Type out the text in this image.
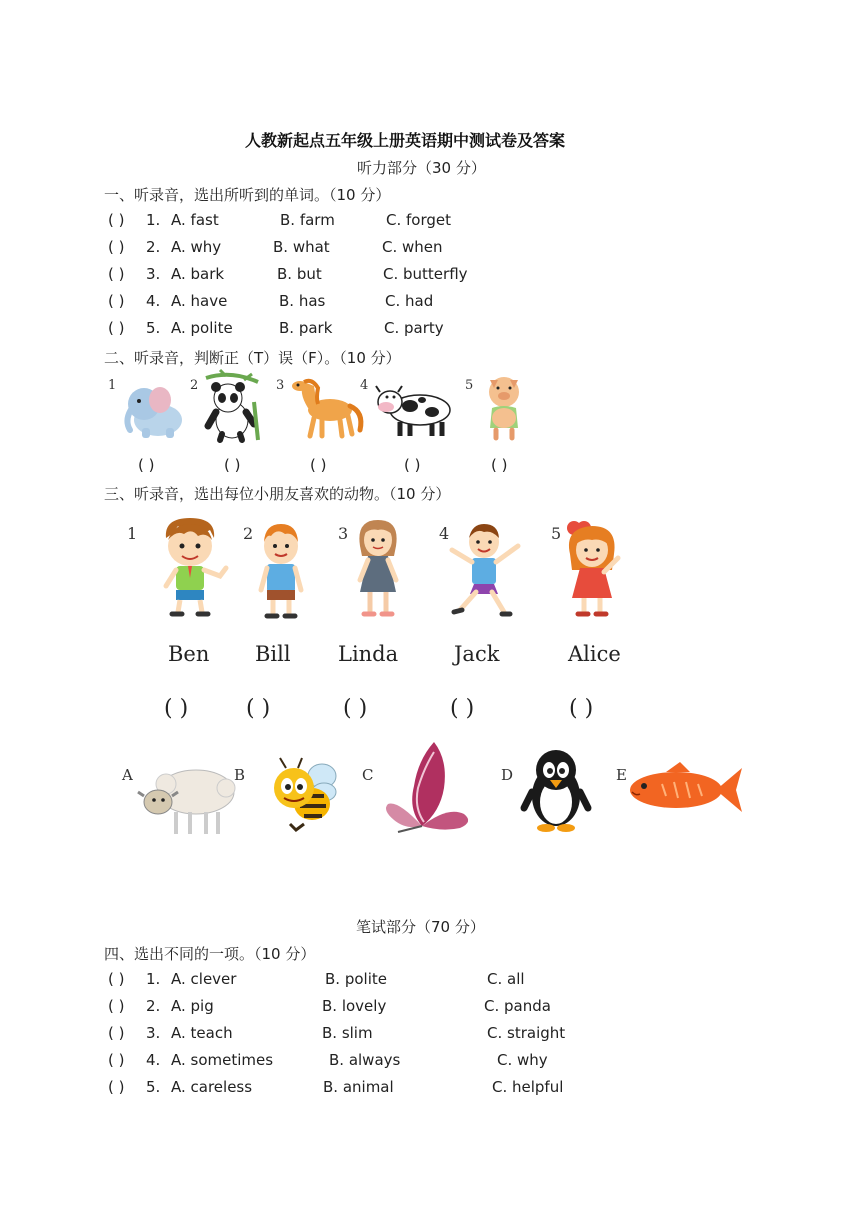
人教新起点五年级上册英语期中测试卷及答案
听力部分（30 分）
一、听录音，选出所听到的单词。（10 分）
( ) 1. A. fast	B. farm	C. forget
( ) 2. A. why	B. what	C. when
( ) 3. A. bark	B. but	C. butterfly
( ) 4. A. have	B. has	C. had
( ) 5. A. polite	B. park	C. party
二、听录音，判断正（T）误（F）。（10 分）
1	2	3	4	5
( )	( )	( )	( )	( )
三、听录音，选出每位小朋友喜欢的动物。（10 分）
1	2	3	4	5
Ben Bill Linda	Jack	Alice
( )	( )	( )	( )	( )
A	B	C	D	E
笔试部分（70 分）
四、选出不同的一项。（10 分）
( ) 1. A. clever	B. polite	C. all
( ) 2. A. pig	B. lovely	C. panda
( ) 3. A. teach	B. slim	C. straight
( ) 4. A. sometimes	B. always	C. why
( ) 5. A. careless	B. animal	C. helpful
